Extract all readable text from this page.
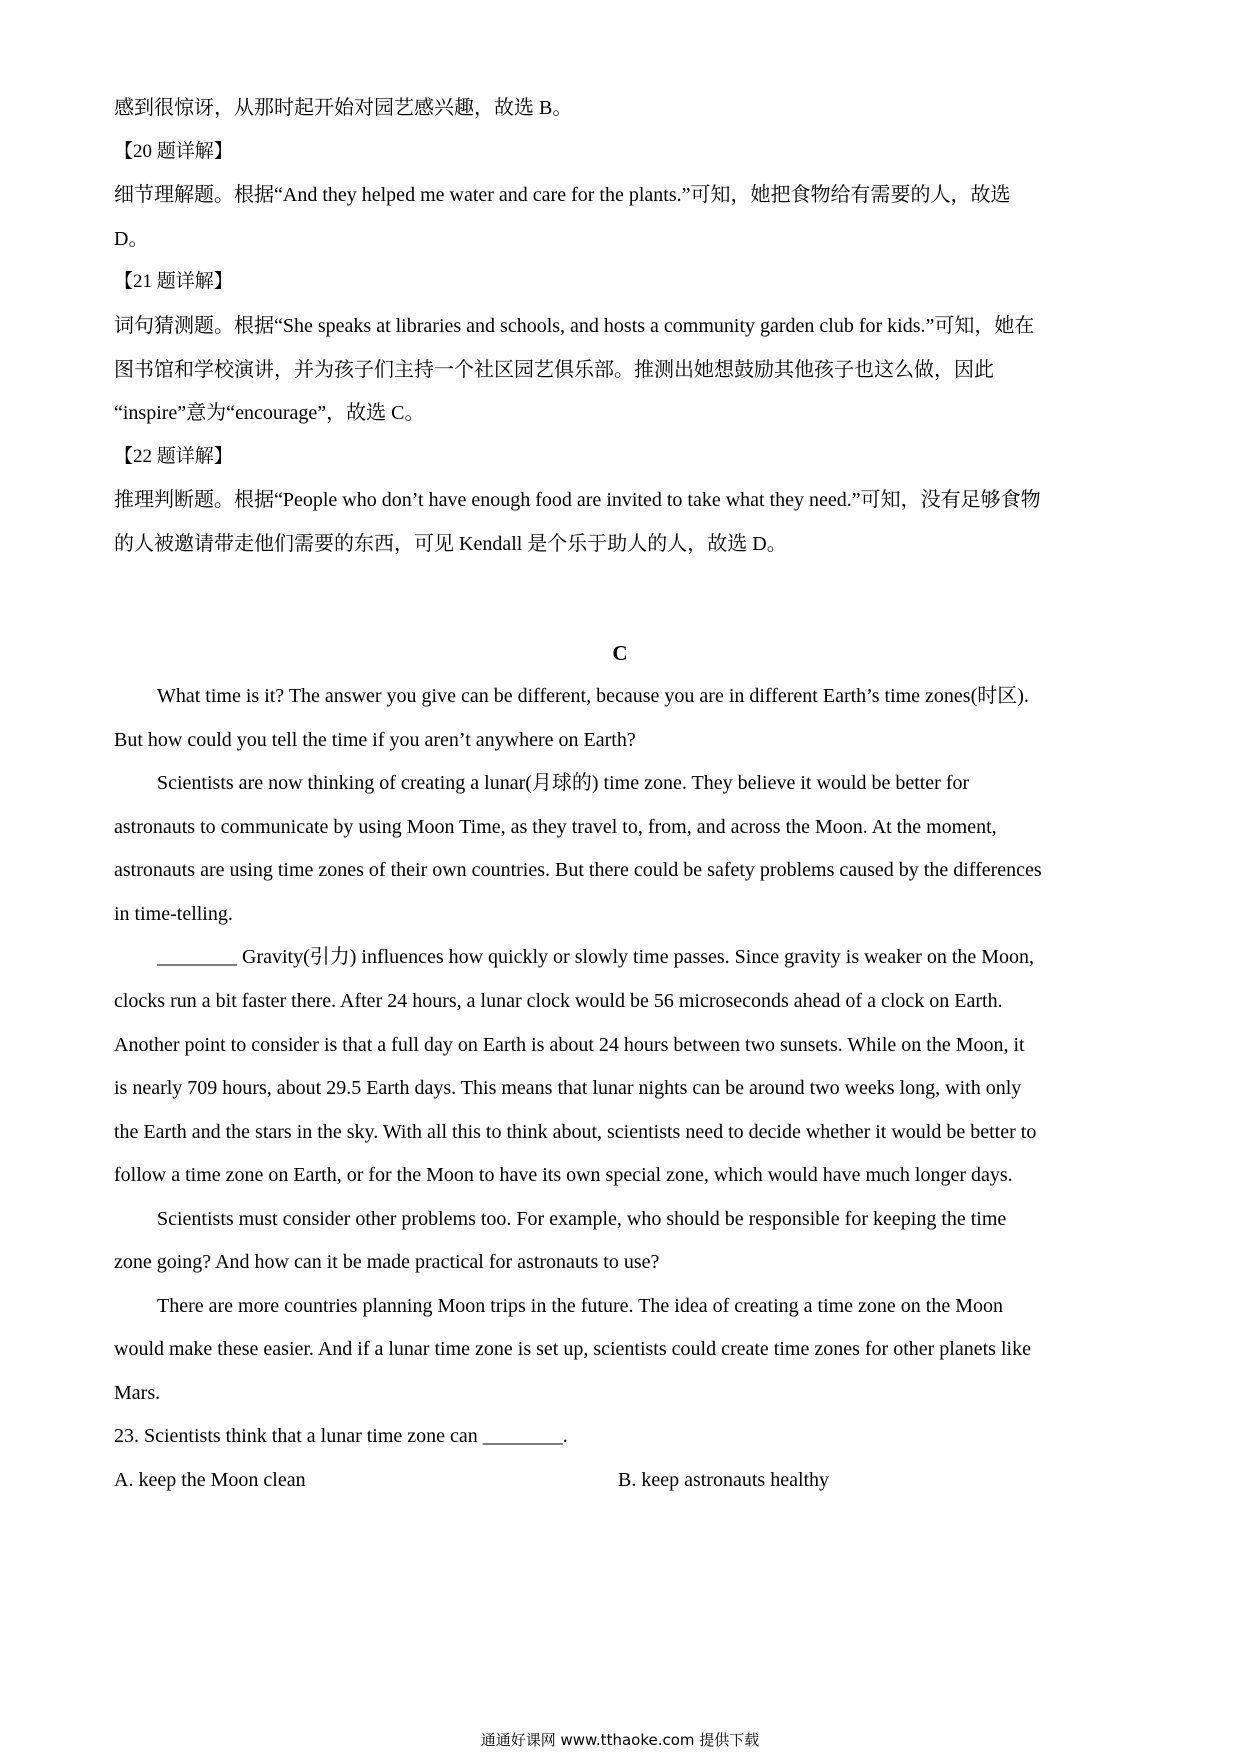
感到很惊讶，从那时起开始对园艺感兴趣，故选 B。
【20 题详解】
细节理解题。根据“And they helped me water and care for the plants.”可知，她把食物给有需要的人，故选
D。
【21 题详解】
词句猜测题。根据“She speaks at libraries and schools, and hosts a community garden club for kids.”可知，她在
图书馆和学校演讲，并为孩子们主持一个社区园艺俱乐部。推测出她想鼓励其他孩子也这么做，因此
“inspire”意为“encourage”，故选 C。
【22 题详解】
推理判断题。根据“People who don’t have enough food are invited to take what they need.”可知，没有足够食物
的人被邀请带走他们需要的东西，可见 Kendall 是个乐于助人的人，故选 D。
C
What time is it? The answer you give can be different, because you are in different Earth’s time zones(时区).
But how could you tell the time if you aren’t anywhere on Earth?
Scientists are now thinking of creating a lunar(月球的) time zone. They believe it would be better for
astronauts to communicate by using Moon Time, as they travel to, from, and across the Moon. At the moment,
astronauts are using time zones of their own countries. But there could be safety problems caused by the differences
in time-telling.
________ Gravity(引力) influences how quickly or slowly time passes. Since gravity is weaker on the Moon,
clocks run a bit faster there. After 24 hours, a lunar clock would be 56 microseconds ahead of a clock on Earth.
Another point to consider is that a full day on Earth is about 24 hours between two sunsets. While on the Moon, it
is nearly 709 hours, about 29.5 Earth days. This means that lunar nights can be around two weeks long, with only
the Earth and the stars in the sky. With all this to think about, scientists need to decide whether it would be better to
follow a time zone on Earth, or for the Moon to have its own special zone, which would have much longer days.
Scientists must consider other problems too. For example, who should be responsible for keeping the time
zone going? And how can it be made practical for astronauts to use?
There are more countries planning Moon trips in the future. The idea of creating a time zone on the Moon
would make these easier. And if a lunar time zone is set up, scientists could create time zones for other planets like
Mars.
23. Scientists think that a lunar time zone can ________.
A. keep the Moon clean	B. keep astronauts healthy
通通好课网 www.tthaoke.com 提供下载
